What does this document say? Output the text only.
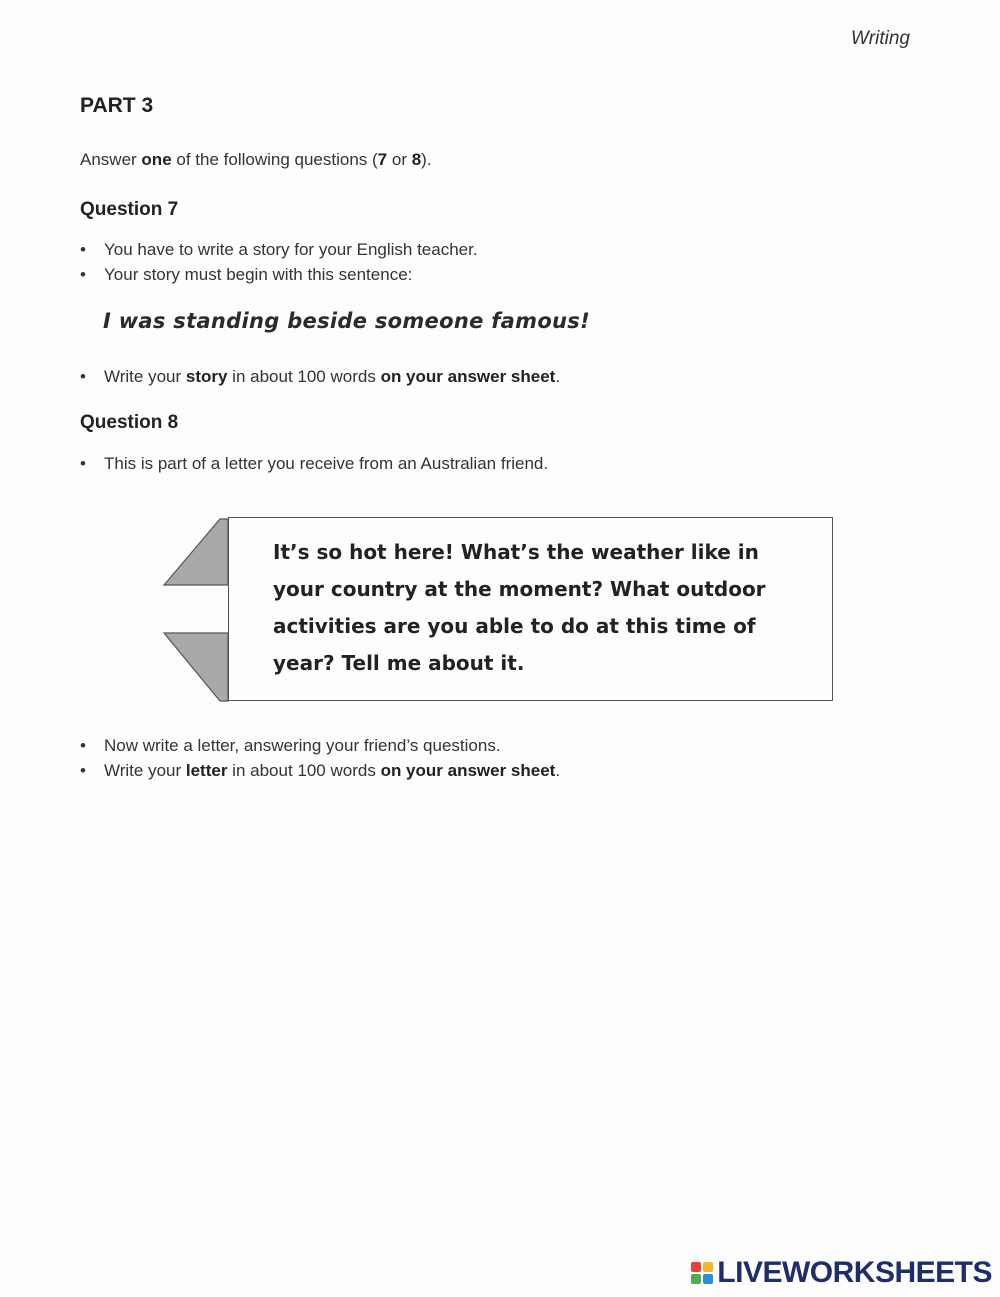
Writing
PART 3
Answer one of the following questions (7 or 8).
Question 7
• You have to write a story for your English teacher.
• Your story must begin with this sentence:
I was standing beside someone famous!
• Write your story in about 100 words on your answer sheet.
Question 8
• This is part of a letter you receive from an Australian friend.
It’s so hot here! What’s the weather like in
your country at the moment? What outdoor
activities are you able to do at this time of
year? Tell me about it.
• Now write a letter, answering your friend’s questions.
• Write your letter in about 100 words on your answer sheet.
LIVEWORKSHEETS
